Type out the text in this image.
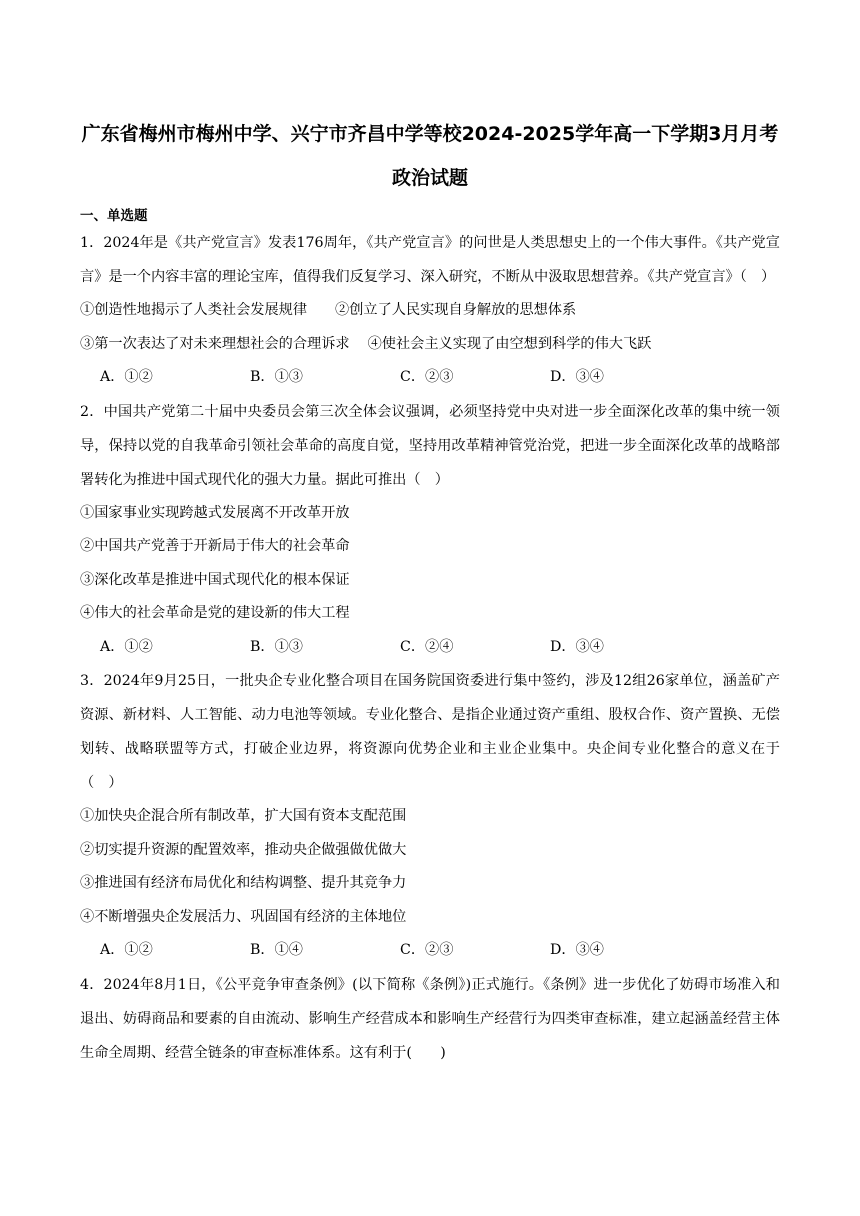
广东省梅州市梅州中学、兴宁市齐昌中学等校2024-2025学年高一下学期3月月考政治试题
一、单选题

1．2024年是《共产党宣言》发表176周年，《共产党宣言》的问世是人类思想史上的一个伟大事件。《共产党宣言》是一个内容丰富的理论宝库，值得我们反复学习、深入研究，不断从中汲取思想营养。《共产党宣言》（　）

①创造性地揭示了人类社会发展规律 ②创立了人民实现自身解放的思想体系

③第一次表达了对未来理想社会的合理诉求 ④使社会主义实现了由空想到科学的伟大飞跃

A．①②	B．①③	C．②③	D．③④

2．中国共产党第二十届中央委员会第三次全体会议强调，必须坚持党中央对进一步全面深化改革的集中统一领导，保持以党的自我革命引领社会革命的高度自觉，坚持用改革精神管党治党，把进一步全面深化改革的战略部署转化为推进中国式现代化的强大力量。据此可推出（　）

①国家事业实现跨越式发展离不开改革开放

②中国共产党善于开新局于伟大的社会革命

③深化改革是推进中国式现代化的根本保证

④伟大的社会革命是党的建设新的伟大工程

A．①②	B．①③	C．②④	D．③④

3．2024年9月25日，一批央企专业化整合项目在国务院国资委进行集中签约，涉及12组26家单位，涵盖矿产资源、新材料、人工智能、动力电池等领域。专业化整合、是指企业通过资产重组、股权合作、资产置换、无偿划转、战略联盟等方式，打破企业边界，将资源向优势企业和主业企业集中。央企间专业化整合的意义在于（　）

①加快央企混合所有制改革，扩大国有资本支配范围

②切实提升资源的配置效率，推动央企做强做优做大

③推进国有经济布局优化和结构调整、提升其竞争力

④不断增强央企发展活力、巩固国有经济的主体地位

A．①②	B．①④	C．②③	D．③④

4．2024年8月1日，《公平竞争审查条例》(以下简称《条例》)正式施行。《条例》进一步优化了妨碍市场准入和退出、妨碍商品和要素的自由流动、影响生产经营成本和影响生产经营行为四类审查标准，建立起涵盖经营主体生命全周期、经营全链条的审查标准体系。这有利于(　　)
